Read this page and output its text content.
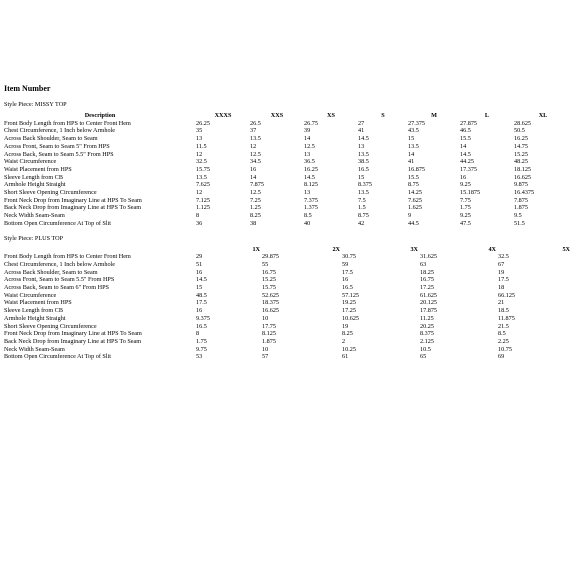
Item Number
Style Piece: MISSY TOP
Description	XXXS	XXS	XS	S	M	L	XL
Front Body Length from HPS to Center Front Hem	26.25	26.5	26.75	27	27.375	27.875	28.625
Chest Circumference, 1 Inch below Armhole	35	37	39	41	43.5	46.5	50.5
Across Back Shoulder, Seam to Seam	13	13.5	14	14.5	15	15.5	16.25
Across Front, Seam to Seam 5" From HPS	11.5	12	12.5	13	13.5	14	14.75
Across Back, Seam to Seam 5.5" From HPS	12	12.5	13	13.5	14	14.5	15.25
Waist Circumference	32.5	34.5	36.5	38.5	41	44.25	48.25
Waist Placement from HPS	15.75	16	16.25	16.5	16.875	17.375	18.125
Sleeve Length from CB	13.5	14	14.5	15	15.5	16	16.625
Armhole Height Straight	7.625	7.875	8.125	8.375	8.75	9.25	9.875
Short Sleeve Opening Circumference	12	12.5	13	13.5	14.25	15.1875	16.4375
Front Neck Drop from Imaginary Line at HPS To Seam	7.125	7.25	7.375	7.5	7.625	7.75	7.875
Back Neck Drop from Imaginary Line at HPS To Seam	1.125	1.25	1.375	1.5	1.625	1.75	1.875
Neck Width Seam-Seam	8	8.25	8.5	8.75	9	9.25	9.5
Bottom Open Circumference At Top of Slit	36	38	40	42	44.5	47.5	51.5
Style Piece: PLUS TOP
	1X	2X	3X	4X	5X
Front Body Length from HPS to Center Front Hem	29	29.875	30.75	31.625	32.5
Chest Circumference, 1 Inch below Armhole	51	55	59	63	67
Across Back Shoulder, Seam to Seam	16	16.75	17.5	18.25	19
Across Front, Seam to Seam 5.5" From HPS	14.5	15.25	16	16.75	17.5
Across Back, Seam to Seam 6" From HPS	15	15.75	16.5	17.25	18
Waist Circumference	48.5	52.625	57.125	61.625	66.125
Waist Placement from HPS	17.5	18.375	19.25	20.125	21
Sleeve Length from CB	16	16.625	17.25	17.875	18.5
Armhole Height Straight	9.375	10	10.625	11.25	11.875
Short Sleeve Opening Circumference	16.5	17.75	19	20.25	21.5
Front Neck Drop from Imaginary Line at HPS To Seam	8	8.125	8.25	8.375	8.5
Back Neck Drop from Imaginary Line at HPS To Seam	1.75	1.875	2	2.125	2.25
Neck Width Seam-Seam	9.75	10	10.25	10.5	10.75
Bottom Open Circumference At Top of Slit	53	57	61	65	69
